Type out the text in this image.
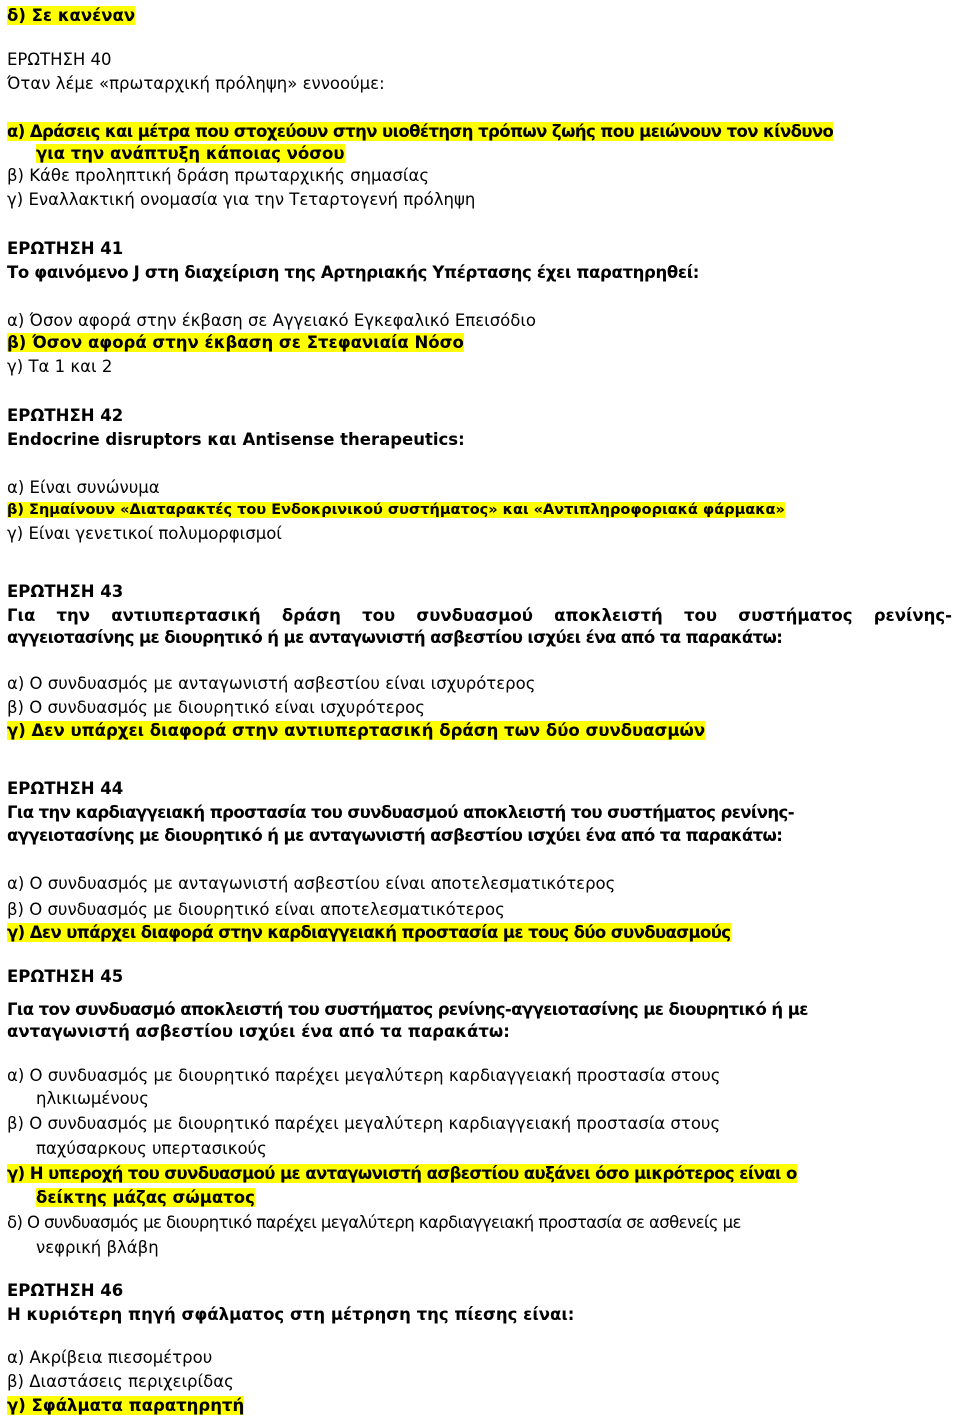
δ) Σε κανέναν
ΕΡΩΤΗΣΗ 40
Όταν λέμε «πρωταρχική πρόληψη» εννοούμε:
α) Δράσεις και μέτρα που στοχεύουν στην υιοθέτηση τρόπων ζωής που μειώνουν τον κίνδυνο
για την ανάπτυξη κάποιας νόσου
β) Κάθε προληπτική δράση πρωταρχικής σημασίας
γ) Εναλλακτική ονομασία για την Τεταρτογενή πρόληψη
ΕΡΩΤΗΣΗ 41
Το φαινόμενο J στη διαχείριση της Αρτηριακής Υπέρτασης έχει παρατηρηθεί:
α) Όσον αφορά στην έκβαση σε Αγγειακό Εγκεφαλικό Επεισόδιο
β) Όσον αφορά στην έκβαση σε Στεφανιαία Νόσο
γ) Τα 1 και 2
ΕΡΩΤΗΣΗ 42
Endocrine disruptors και Antisense therapeutics:
α) Είναι συνώνυμα
β) Σημαίνουν «Διαταρακτές του Ενδοκρινικού συστήματος» και «Αντιπληροφοριακά φάρμακα»
γ) Είναι γενετικοί πολυμορφισμοί
ΕΡΩΤΗΣΗ 43
Για την αντιυπερτασική δράση του συνδυασμού αποκλειστή του συστήματος ρενίνης-
αγγειοτασίνης με διουρητικό ή με ανταγωνιστή ασβεστίου ισχύει ένα από τα παρακάτω:
α) Ο συνδυασμός με ανταγωνιστή ασβεστίου είναι ισχυρότερος
β) Ο συνδυασμός με διουρητικό είναι ισχυρότερος
γ) Δεν υπάρχει διαφορά στην αντιυπερτασική δράση των δύο συνδυασμών
ΕΡΩΤΗΣΗ 44
Για την καρδιαγγειακή προστασία του συνδυασμού αποκλειστή του συστήματος ρενίνης-
αγγειοτασίνης με διουρητικό ή με ανταγωνιστή ασβεστίου ισχύει ένα από τα παρακάτω:
α) Ο συνδυασμός με ανταγωνιστή ασβεστίου είναι αποτελεσματικότερος
β) Ο συνδυασμός με διουρητικό είναι αποτελεσματικότερος
γ) Δεν υπάρχει διαφορά στην καρδιαγγειακή προστασία με τους δύο συνδυασμούς
ΕΡΩΤΗΣΗ 45
Για τον συνδυασμό αποκλειστή του συστήματος ρενίνης-αγγειοτασίνης με διουρητικό ή με
ανταγωνιστή ασβεστίου ισχύει ένα από τα παρακάτω:
α) Ο συνδυασμός με διουρητικό παρέχει μεγαλύτερη καρδιαγγειακή προστασία στους
ηλικιωμένους
β) Ο συνδυασμός με διουρητικό παρέχει μεγαλύτερη καρδιαγγειακή προστασία στους
παχύσαρκους υπερτασικούς
γ) Η υπεροχή του συνδυασμού με ανταγωνιστή ασβεστίου αυξάνει όσο μικρότερος είναι ο
δείκτης μάζας σώματος
δ) Ο συνδυασμός με διουρητικό παρέχει μεγαλύτερη καρδιαγγειακή προστασία σε ασθενείς με
νεφρική βλάβη
ΕΡΩΤΗΣΗ 46
Η κυριότερη πηγή σφάλματος στη μέτρηση της πίεσης είναι:
α) Ακρίβεια πιεσομέτρου
β) Διαστάσεις περιχειρίδας
γ) Σφάλματα παρατηρητή
